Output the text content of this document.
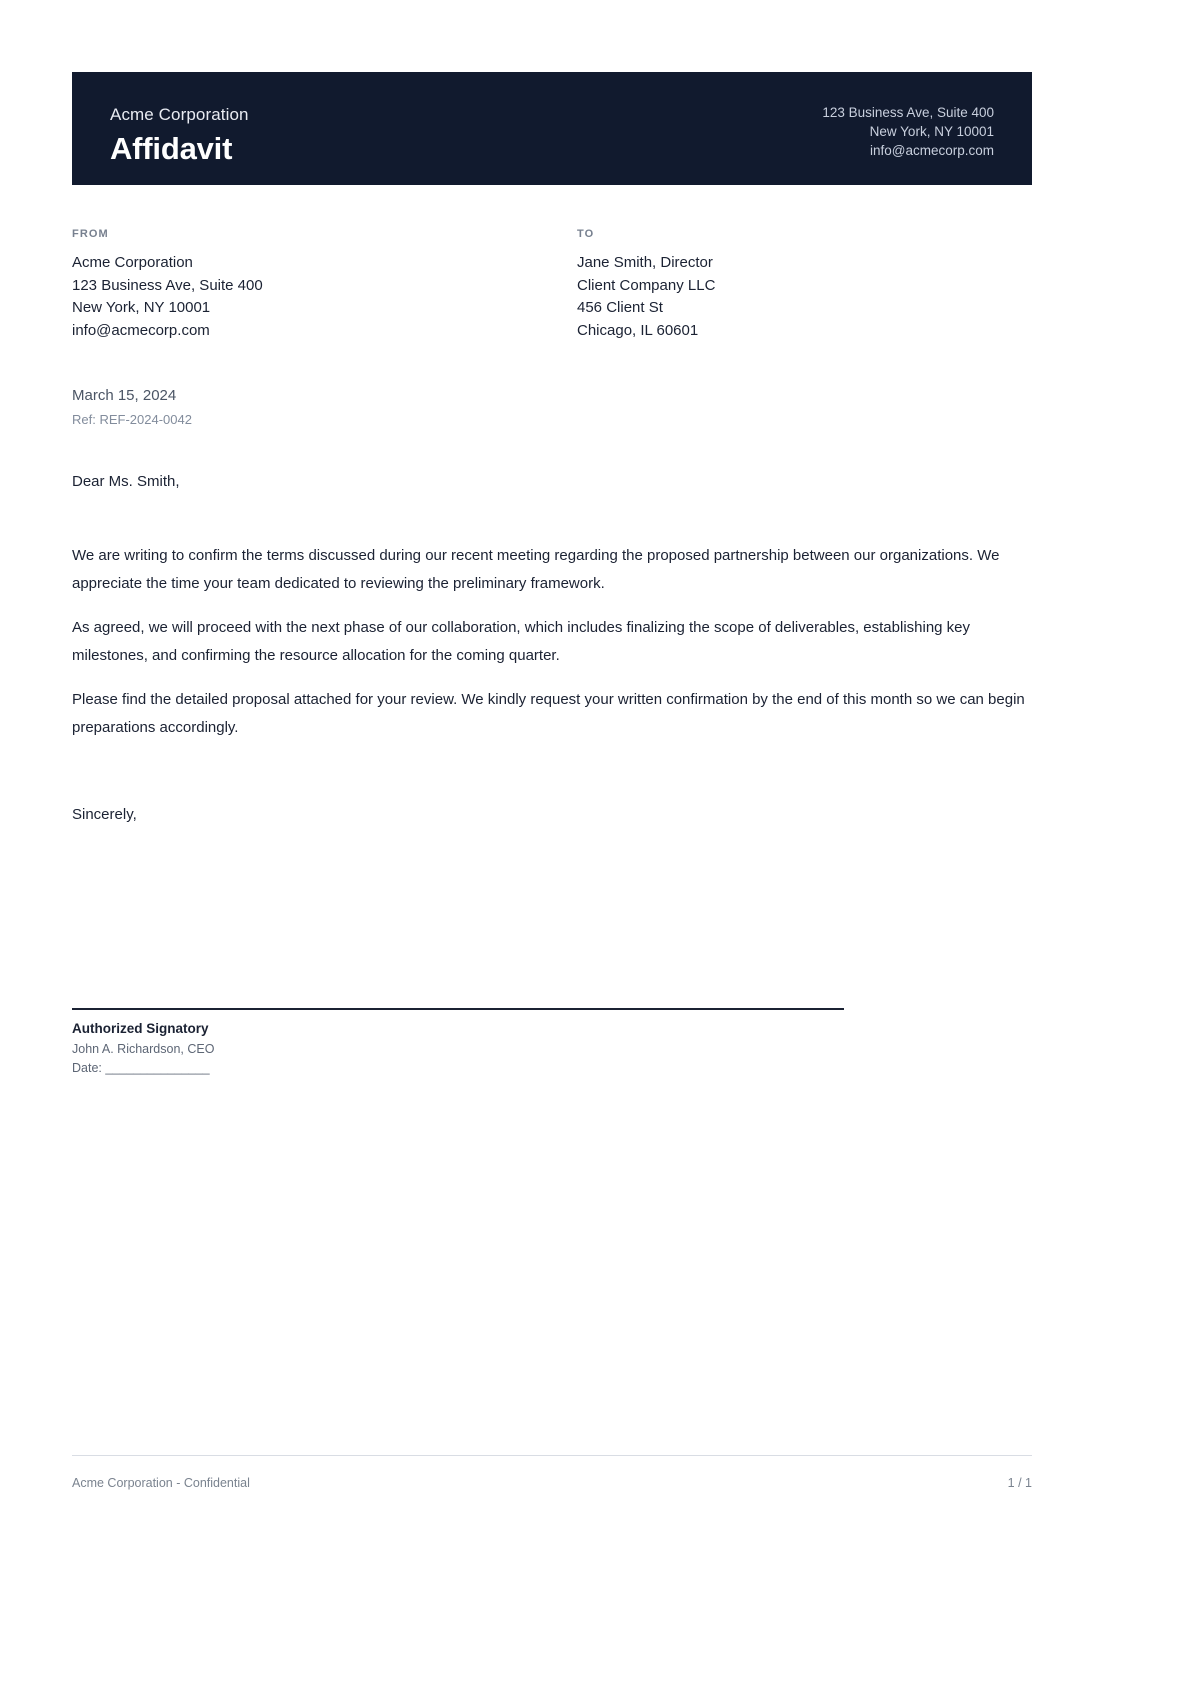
Acme Corporation
Affidavit
123 Business Ave, Suite 400
New York, NY 10001
info@acmecorp.com
FROM
Acme Corporation
123 Business Ave, Suite 400
New York, NY 10001
info@acmecorp.com
TO
Jane Smith, Director
Client Company LLC
456 Client St
Chicago, IL 60601
March 15, 2024
Ref: REF-2024-0042
Dear Ms. Smith,

We are writing to confirm the terms discussed during our recent meeting regarding the proposed partnership between our organizations. We appreciate the time your team dedicated to reviewing the preliminary framework.

As agreed, we will proceed with the next phase of our collaboration, which includes finalizing the scope of deliverables, establishing key milestones, and confirming the resource allocation for the coming quarter.

Please find the detailed proposal attached for your review. We kindly request your written confirmation by the end of this month so we can begin preparations accordingly.

Sincerely,
Authorized Signatory
John A. Richardson, CEO
Date: _______________
Acme Corporation - Confidential	1 / 1
